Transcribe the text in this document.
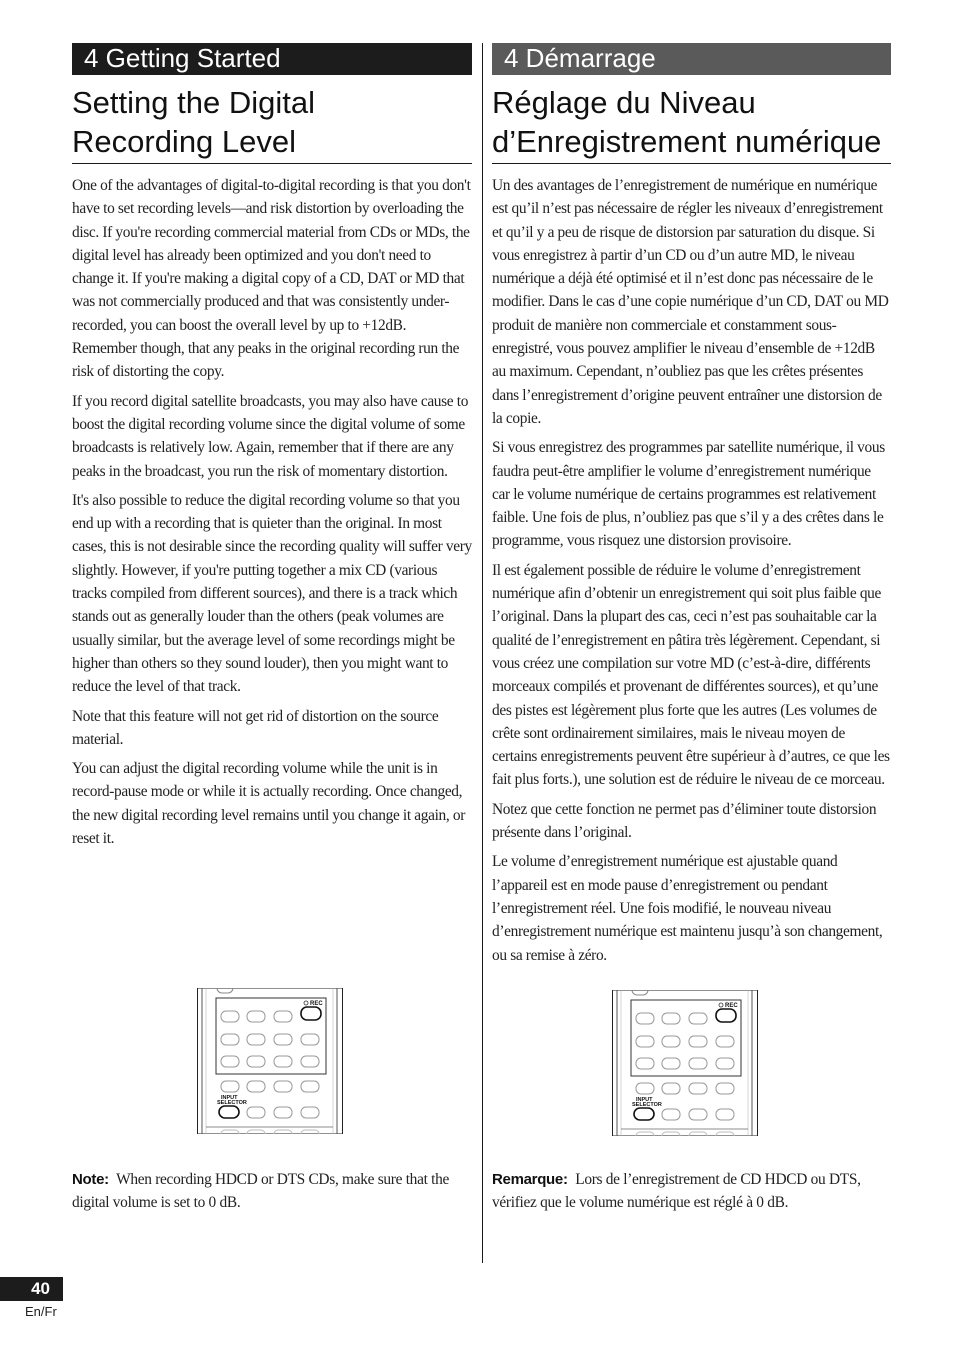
4 Getting Started
Setting the Digital
Recording Level

One of the advantages of digital-to-digital recording is that you don't have to set recording levels—and risk distortion by overloading the disc. If you're recording commercial material from CDs or MDs, the digital level has already been optimized and you don't need to change it. If you're making a digital copy of a CD, DAT or MD that was not commercially produced and that was consistently under-recorded, you can boost the overall level by up to +12dB. Remember though, that any peaks in the original recording run the risk of distorting the copy.

If you record digital satellite broadcasts, you may also have cause to boost the digital recording volume since the digital volume of some broadcasts is relatively low. Again, remember that if there are any peaks in the broadcast, you run the risk of momentary distortion.

It's also possible to reduce the digital recording volume so that you end up with a recording that is quieter than the original. In most cases, this is not desirable since the recording quality will suffer very slightly. However, if you're putting together a mix CD (various tracks compiled from different sources), and there is a track which stands out as generally louder than the others (peak volumes are usually similar, but the average level of some recordings might be higher than others so they sound louder), then you might want to reduce the level of that track.

Note that this feature will not get rid of distortion on the source material.

You can adjust the digital recording volume while the unit is in record-pause mode or while it is actually recording. Once changed, the new digital recording level remains until you change it again, or reset it.

4 Démarrage
Réglage du Niveau
d’Enregistrement numérique

Un des avantages de l’enregistrement de numérique en numérique est qu’il n’est pas nécessaire de régler les niveaux d’enregistrement et qu’il y a peu de risque de distorsion par saturation du disque. Si vous enregistrez à partir d’un CD ou d’un autre MD, le niveau numérique a déjà été optimisé et il n’est donc pas nécessaire de le modifier. Dans le cas d’une copie numérique d’un CD, DAT ou MD produit de manière non commerciale et constamment sous-enregistré, vous pouvez amplifier le niveau d’ensemble de +12dB au maximum. Cependant, n’oubliez pas que les crêtes présentes dans l’enregistrement d’origine peuvent entraîner une distorsion de la copie.

Si vous enregistrez des programmes par satellite numérique, il vous faudra peut-être amplifier le volume d’enregistrement numérique car le volume numérique de certains programmes est relativement faible. Une fois de plus, n’oubliez pas que s’il y a des crêtes dans le programme, vous risquez une distorsion provisoire.

Il est également possible de réduire le volume d’enregistrement numérique afin d’obtenir un enregistrement qui soit plus faible que l’original. Dans la plupart des cas, ceci n’est pas souhaitable car la qualité de l’enregistrement en pâtira très légèrement. Cependant, si vous créez une compilation sur votre MD (c’est-à-dire, différents morceaux compilés et provenant de différentes sources), et qu’une des pistes est légèrement plus forte que les autres (Les volumes de crête sont ordinairement similaires, mais le niveau moyen de certains enregistrements peuvent être supérieur à d’autres, ce que les fait plus forts.), une solution est de réduire le niveau de ce morceau.

Notez que cette fonction ne permet pas d’éliminer toute distorsion présente dans l’original.

Le volume d’enregistrement numérique est ajustable quand l’appareil est en mode pause d’enregistrement ou pendant l’enregistrement réel. Une fois modifié, le nouveau niveau d’enregistrement numérique est maintenu jusqu’à son changement, ou sa remise à zéro.

REC
INPUT
SELECTOR
REC
INPUT
SELECTOR
Note: When recording HDCD or DTS CDs, make sure that the digital volume is set to 0 dB.
Remarque: Lors de l’enregistrement de CD HDCD ou DTS, vérifiez que le volume numérique est réglé à 0 dB.
40
En/Fr
